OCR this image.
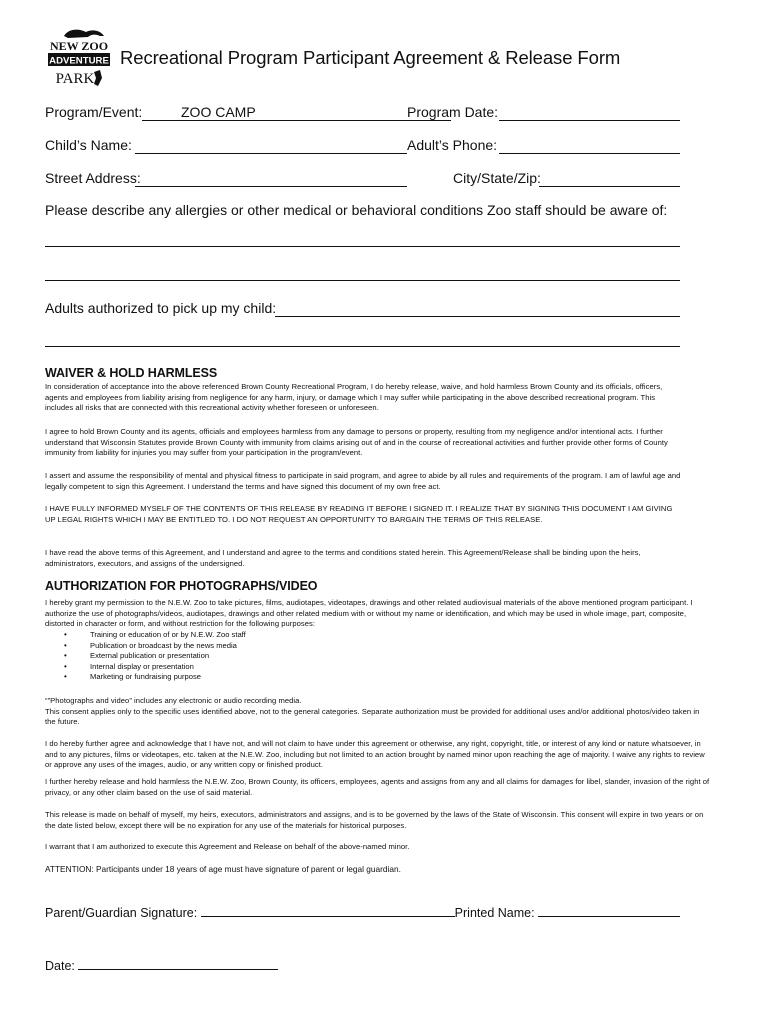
NEW ZOO
ADVENTURE
PARK
Recreational Program Participant Agreement & Release Form
Program/Event:	ZOO CAMP	Program Date:
Child’s Name:	Adult’s Phone:
Street Address:	City/State/Zip:
Please describe any allergies or other medical or behavioral conditions Zoo staff should be aware of:
Adults authorized to pick up my child:
WAIVER & HOLD HARMLESS
In consideration of acceptance into the above referenced Brown County Recreational Program, I do hereby release, waive, and hold harmless Brown County and its officials, officers, agents and employees from liability arising from negligence for any harm, injury, or damage which I may suffer while participating in the above described recreational program. This includes all risks that are connected with this recreational activity whether foreseen or unforeseen.
I agree to hold Brown County and its agents, officials and employees harmless from any damage to persons or property, resulting from my negligence and/or intentional acts. I further understand that Wisconsin Statutes provide Brown County with immunity from claims arising out of and in the course of recreational activities and further provide other forms of County immunity from liability for injuries you may suffer from your participation in the program/event.
I assert and assume the responsibility of mental and physical fitness to participate in said program, and agree to abide by all rules and requirements of the program. I am of lawful age and legally competent to sign this Agreement. I understand the terms and have signed this document of my own free act.
I HAVE FULLY INFORMED MYSELF OF THE CONTENTS OF THIS RELEASE BY READING IT BEFORE I SIGNED IT. I REALIZE THAT BY SIGNING THIS DOCUMENT I AM GIVING UP LEGAL RIGHTS WHICH I MAY BE ENTITLED TO. I DO NOT REQUEST AN OPPORTUNITY TO BARGAIN THE TERMS OF THIS RELEASE.
I have read the above terms of this Agreement, and I understand and agree to the terms and conditions stated herein. This Agreement/Release shall be binding upon the heirs, administrators, executors, and assigns of the undersigned.
AUTHORIZATION FOR PHOTOGRAPHS/VIDEO
I hereby grant my permission to the N.E.W. Zoo to take pictures, films, audiotapes, videotapes, drawings and other related audiovisual materials of the above mentioned program participant. I authorize the use of photographs/videos, audiotapes, drawings and other related medium with or without my name or identification, and which may be used in whole image, part, composite, distorted in character or form, and without restriction for the following purposes:
• Training or education of or by N.E.W. Zoo staff
• Publication or broadcast by the news media
• External publication or presentation
• Internal display or presentation
• Marketing or fundraising purpose
“”Photographs and video” includes any electronic or audio recording media.
This consent applies only to the specific uses identified above, not to the general categories. Separate authorization must be provided for additional uses and/or additional photos/video taken in the future.
I do hereby further agree and acknowledge that I have not, and will not claim to have under this agreement or otherwise, any right, copyright, title, or interest of any kind or nature whatsoever, in and to any pictures, films or videotapes, etc. taken at the N.E.W. Zoo, including but not limited to an action brought by named minor upon reaching the age of majority. I waive any rights to review or approve any uses of the images, audio, or any written copy or finished product.
I further hereby release and hold harmless the N.E.W. Zoo, Brown County, its officers, employees, agents and assigns from any and all claims for damages for libel, slander, invasion of the right of privacy, or any other claim based on the use of said material.
This release is made on behalf of myself, my heirs, executors, administrators and assigns, and is to be governed by the laws of the State of Wisconsin. This consent will expire in two years or on the date listed below, except there will be no expiration for any use of the materials for historical purposes.
I warrant that I am authorized to execute this Agreement and Release on behalf of the above-named minor.
ATTENTION: Participants under 18 years of age must have signature of parent or legal guardian.
Parent/Guardian Signature:	Printed Name:
Date:
